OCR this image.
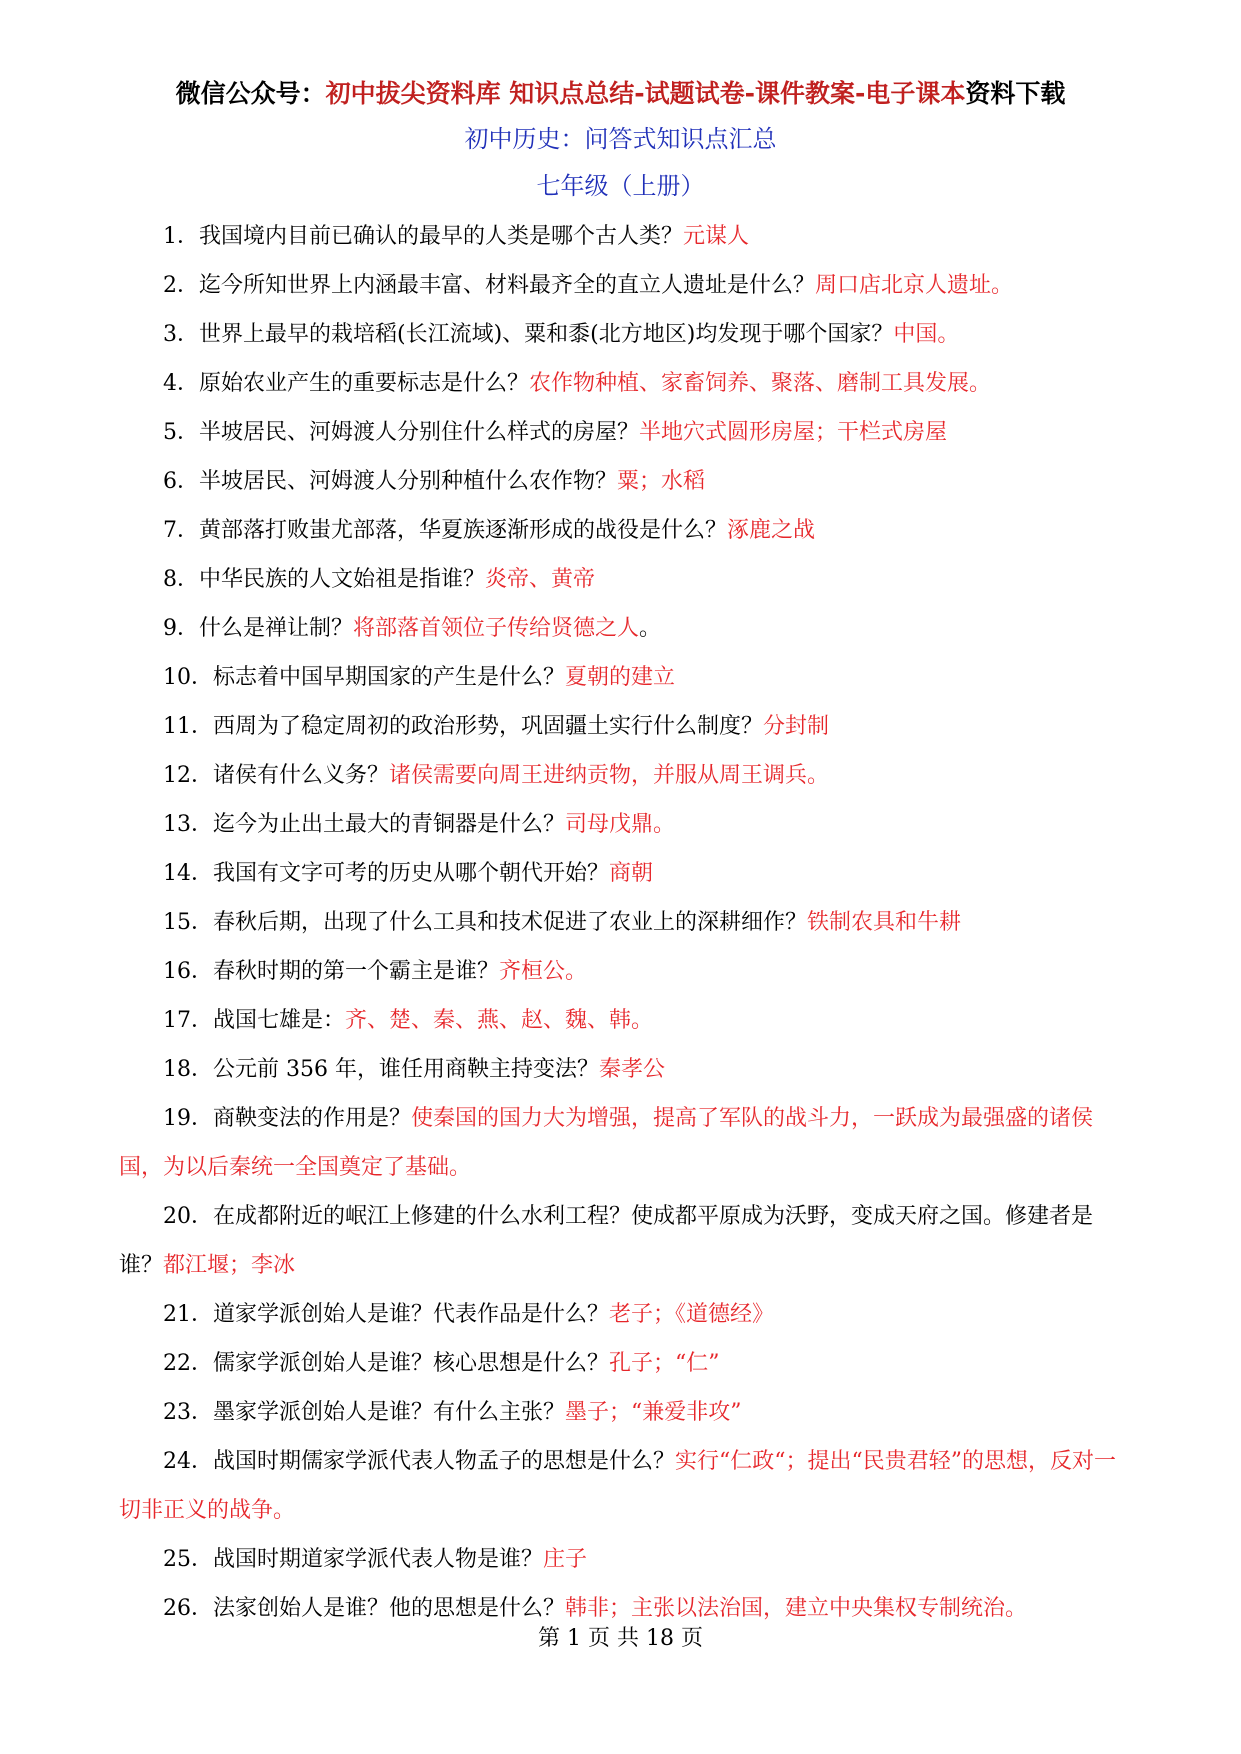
微信公众号：初中拔尖资料库 知识点总结-试题试卷-课件教案-电子课本资料下载
初中历史：问答式知识点汇总
七年级（上册）

1．我国境内目前已确认的最早的人类是哪个古人类？元谋人

2．迄今所知世界上内涵最丰富、材料最齐全的直立人遗址是什么？周口店北京人遗址。

3．世界上最早的栽培稻(长江流域)、粟和黍(北方地区)均发现于哪个国家？中国。

4．原始农业产生的重要标志是什么？农作物种植、家畜饲养、聚落、磨制工具发展。

5．半坡居民、河姆渡人分别住什么样式的房屋？半地穴式圆形房屋；干栏式房屋

6．半坡居民、河姆渡人分别种植什么农作物？粟；水稻

7．黄部落打败蚩尤部落，华夏族逐渐形成的战役是什么？涿鹿之战

8．中华民族的人文始祖是指谁？炎帝、黄帝

9．什么是禅让制？将部落首领位子传给贤德之人。

10．标志着中国早期国家的产生是什么？夏朝的建立

11．西周为了稳定周初的政治形势，巩固疆土实行什么制度？分封制

12．诸侯有什么义务？诸侯需要向周王进纳贡物，并服从周王调兵。

13．迄今为止出土最大的青铜器是什么？司母戊鼎。

14．我国有文字可考的历史从哪个朝代开始？商朝

15．春秋后期，出现了什么工具和技术促进了农业上的深耕细作？铁制农具和牛耕

16．春秋时期的第一个霸主是谁？齐桓公。

17．战国七雄是：齐、楚、秦、燕、赵、魏、韩。

18．公元前 356 年，谁任用商鞅主持变法？秦孝公

19．商鞅变法的作用是？使秦国的国力大为增强，提高了军队的战斗力，一跃成为最强盛的诸侯国，为以后秦统一全国奠定了基础。

20．在成都附近的岷江上修建的什么水利工程？使成都平原成为沃野，变成天府之国。修建者是谁？都江堰；李冰

21．道家学派创始人是谁？代表作品是什么？老子；《道德经》

22．儒家学派创始人是谁？核心思想是什么？孔子；“仁”

23．墨家学派创始人是谁？有什么主张？墨子；“兼爱非攻”

24．战国时期儒家学派代表人物孟子的思想是什么？实行“仁政“；提出“民贵君轻”的思想，反对一切非正义的战争。

25．战国时期道家学派代表人物是谁？庄子

26．法家创始人是谁？他的思想是什么？韩非；主张以法治国，建立中央集权专制统治。

第 1 页 共 18 页
